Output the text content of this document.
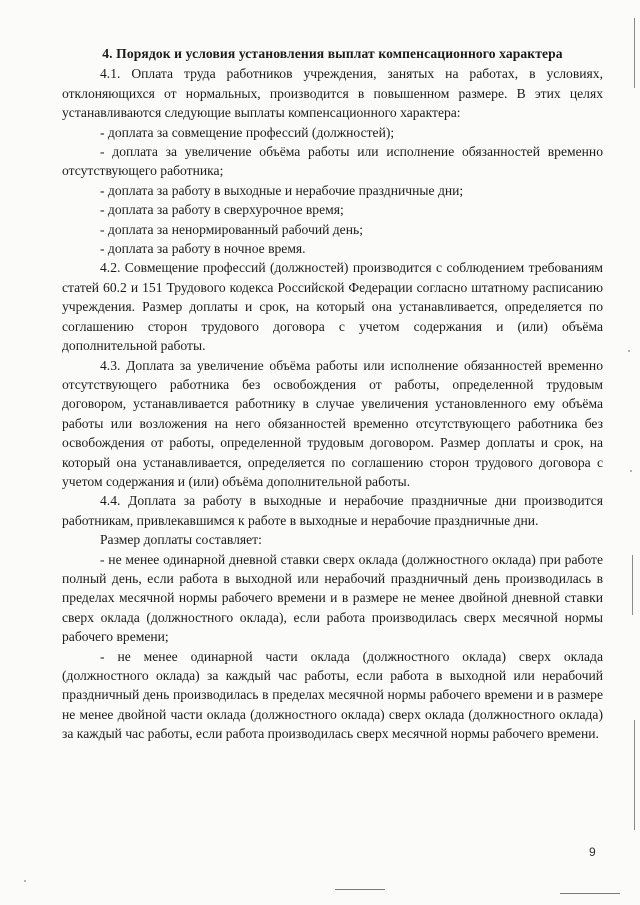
4. Порядок и условия установления выплат компенсационного характера
4.1. Оплата труда работников учреждения, занятых на работах, в условиях, отклоняющихся от нормальных, производится в повышенном размере. В этих целях устанавливаются следующие выплаты компенсационного характера:
- доплата за совмещение профессий (должностей);
- доплата за увеличение объёма работы или исполнение обязанностей временно отсутствующего работника;
- доплата за работу в выходные и нерабочие праздничные дни;
- доплата за работу в сверхурочное время;
- доплата за ненормированный рабочий день;
- доплата за работу в ночное время.
4.2. Совмещение профессий (должностей) производится с соблюдением требованиям статей 60.2 и 151 Трудового кодекса Российской Федерации согласно штатному расписанию учреждения. Размер доплаты и срок, на который она устанавливается, определяется по соглашению сторон трудового договора с учетом содержания и (или) объёма дополнительной работы.
4.3. Доплата за увеличение объёма работы или исполнение обязанностей временно отсутствующего работника без освобождения от работы, определенной трудовым договором, устанавливается работнику в случае увеличения установленного ему объёма работы или возложения на него обязанностей временно отсутствующего работника без освобождения от работы, определенной трудовым договором. Размер доплаты и срок, на который она устанавливается, определяется по соглашению сторон трудового договора с учетом содержания и (или) объёма дополнительной работы.
4.4. Доплата за работу в выходные и нерабочие праздничные дни производится работникам, привлекавшимся к работе в выходные и нерабочие праздничные дни.
Размер доплаты составляет:
- не менее одинарной дневной ставки сверх оклада (должностного оклада) при работе полный день, если работа в выходной или нерабочий праздничный день производилась в пределах месячной нормы рабочего времени и в размере не менее двойной дневной ставки сверх оклада (должностного оклада), если работа производилась сверх месячной нормы рабочего времени;
- не менее одинарной части оклада (должностного оклада) сверх оклада (должностного оклада) за каждый час работы, если работа в выходной или нерабочий праздничный день производилась в пределах месячной нормы рабочего времени и в размере не менее двойной части оклада (должностного оклада) сверх оклада (должностного оклада) за каждый час работы, если работа производилась сверх месячной нормы рабочего времени.
9
